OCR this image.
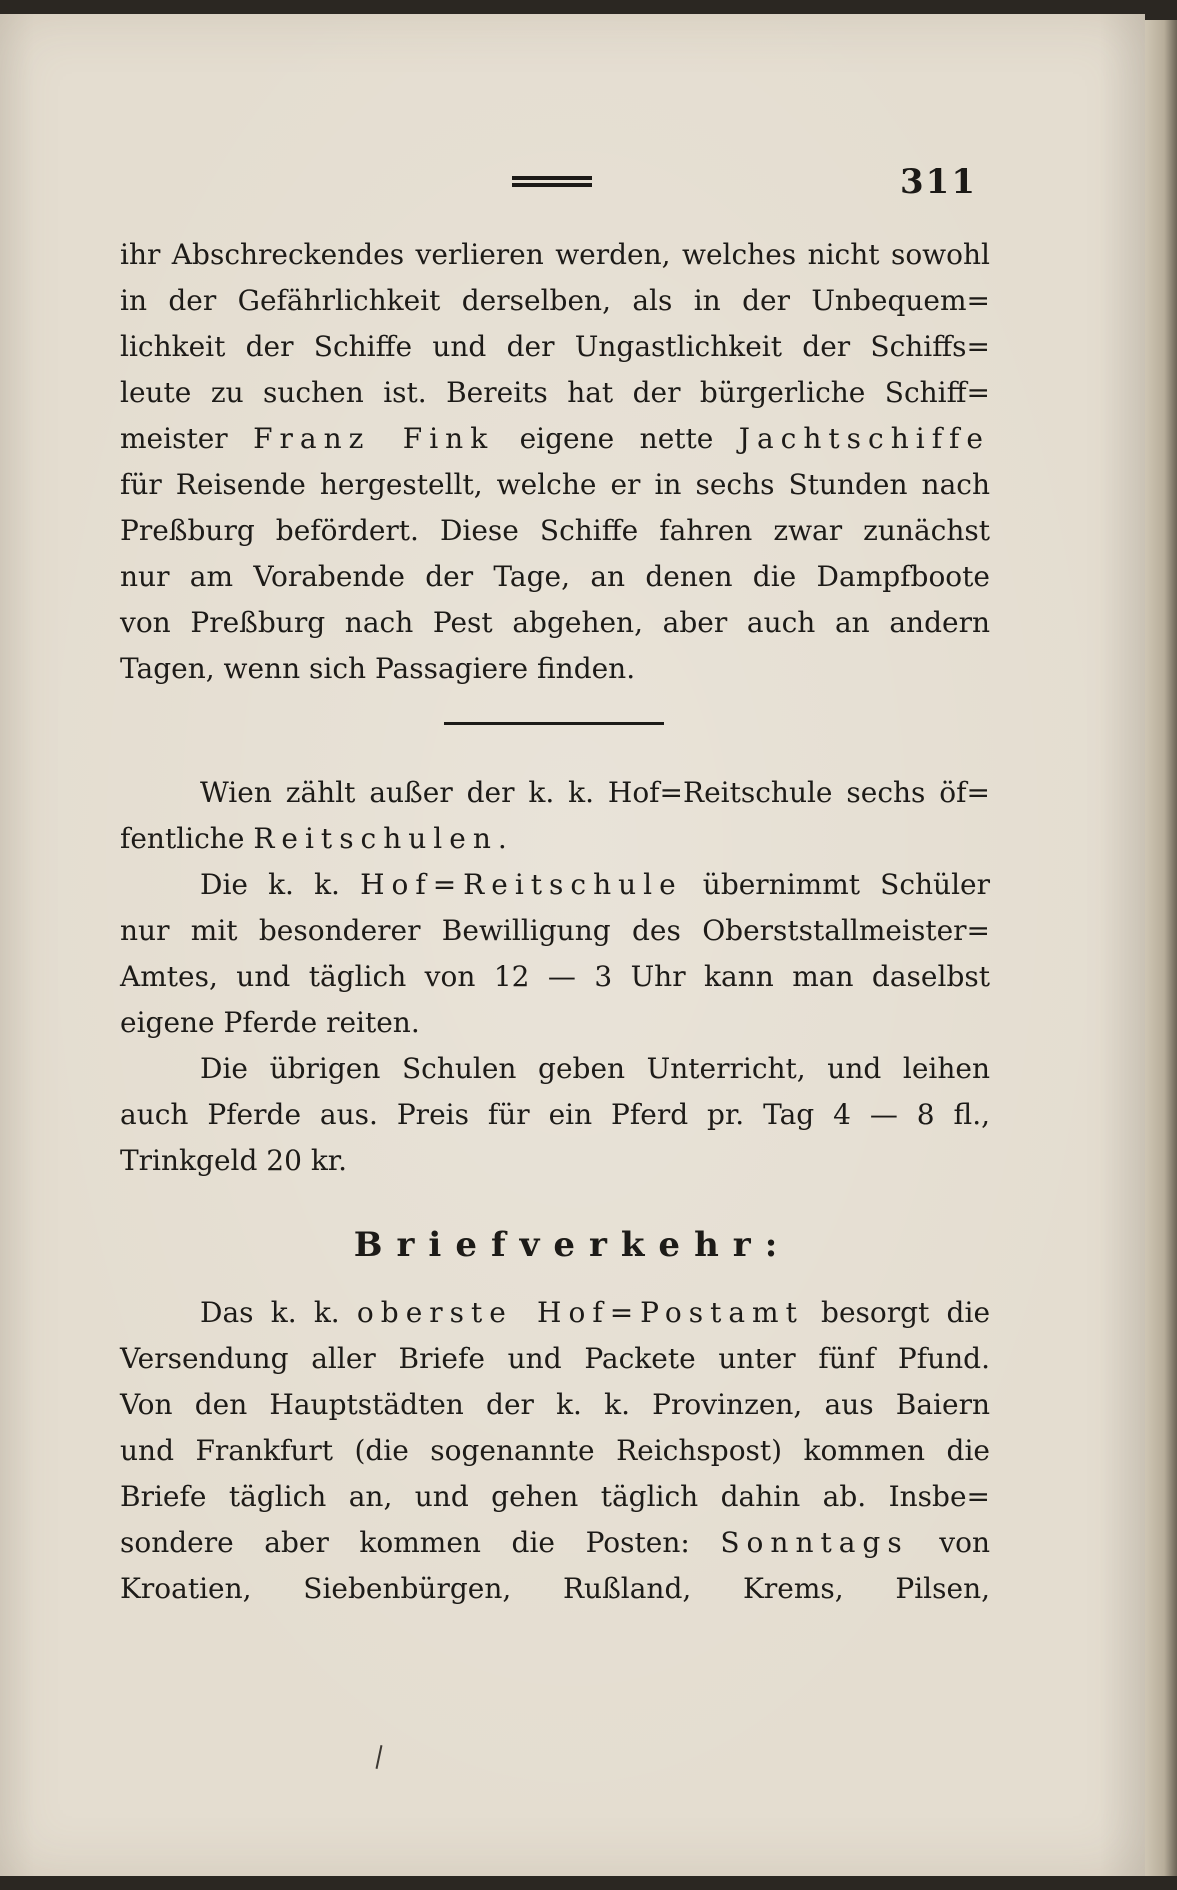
311
ihr Abschreckendes verlieren werden, welches nicht sowohl
in der Gefährlichkeit derselben, als in der Unbequem=
lichkeit der Schiffe und der Ungastlichkeit der Schiffs=
leute zu suchen ist. Bereits hat der bürgerliche Schiff=
meister Franz Fink eigene nette Jachtschiffe
für Reisende hergestellt, welche er in sechs Stunden nach
Preßburg befördert. Diese Schiffe fahren zwar zunächst
nur am Vorabende der Tage, an denen die Dampfboote
von Preßburg nach Pest abgehen, aber auch an andern
Tagen, wenn sich Passagiere finden.
Wien zählt außer der k. k. Hof=Reitschule sechs öf=
fentliche Reitschulen.
Die k. k. Hof=Reitschule übernimmt Schüler
nur mit besonderer Bewilligung des Oberststallmeister=
Amtes, und täglich von 12 — 3 Uhr kann man daselbst
eigene Pferde reiten.
Die übrigen Schulen geben Unterricht, und leihen
auch Pferde aus. Preis für ein Pferd pr. Tag 4 — 8 fl.,
Trinkgeld 20 kr.
Briefverkehr:
Das k. k. oberste Hof=Postamt besorgt die
Versendung aller Briefe und Packete unter fünf Pfund.
Von den Hauptstädten der k. k. Provinzen, aus Baiern
und Frankfurt (die sogenannte Reichspost) kommen die
Briefe täglich an, und gehen täglich dahin ab. Insbe=
sondere aber kommen die Posten: Sonntags von
Kroatien, Siebenbürgen, Rußland, Krems, Pilsen,
